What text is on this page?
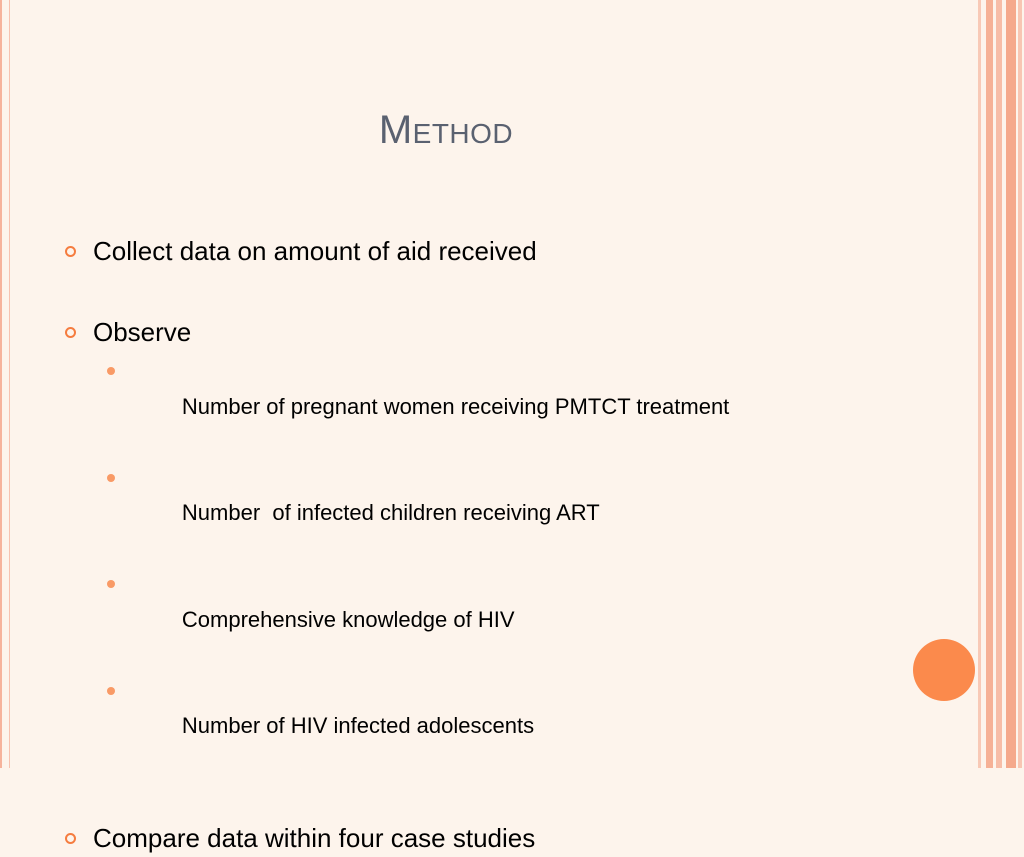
Method
Collect data on amount of aid received
Observe

Number of pregnant women receiving PMTCT treatment

Number  of infected children receiving ART

Comprehensive knowledge of HIV

Number of HIV infected adolescents

Compare data within four case studies
